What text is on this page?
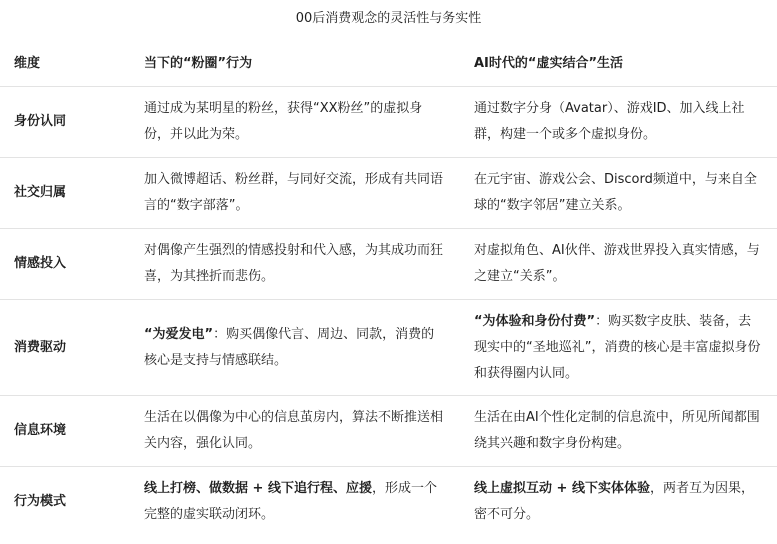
00后消费观念的灵活性与务实性
维度	当下的“粉圈”行为	AI时代的“虚实结合”生活
身份认同	通过成为某明星的粉丝，获得“XX粉丝”的虚拟身份，并以此为荣。	通过数字分身（Avatar）、游戏ID、加入线上社群，构建一个或多个虚拟身份。
社交归属	加入微博超话、粉丝群，与同好交流，形成有共同语言的“数字部落”。	在元宇宙、游戏公会、Discord频道中，与来自全球的“数字邻居”建立关系。
情感投入	对偶像产生强烈的情感投射和代入感，为其成功而狂喜，为其挫折而悲伤。	对虚拟角色、AI伙伴、游戏世界投入真实情感，与之建立“关系”。
消费驱动	“为爱发电”：购买偶像代言、周边、同款，消费的核心是支持与情感联结。	“为体验和身份付费”：购买数字皮肤、装备，去现实中的“圣地巡礼”，消费的核心是丰富虚拟身份和获得圈内认同。
信息环境	生活在以偶像为中心的信息茧房内，算法不断推送相关内容，强化认同。	生活在由AI个性化定制的信息流中，所见所闻都围绕其兴趣和数字身份构建。
行为模式	线上打榜、做数据 + 线下追行程、应援，形成一个完整的虚实联动闭环。	线上虚拟互动 + 线下实体体验，两者互为因果，密不可分。
